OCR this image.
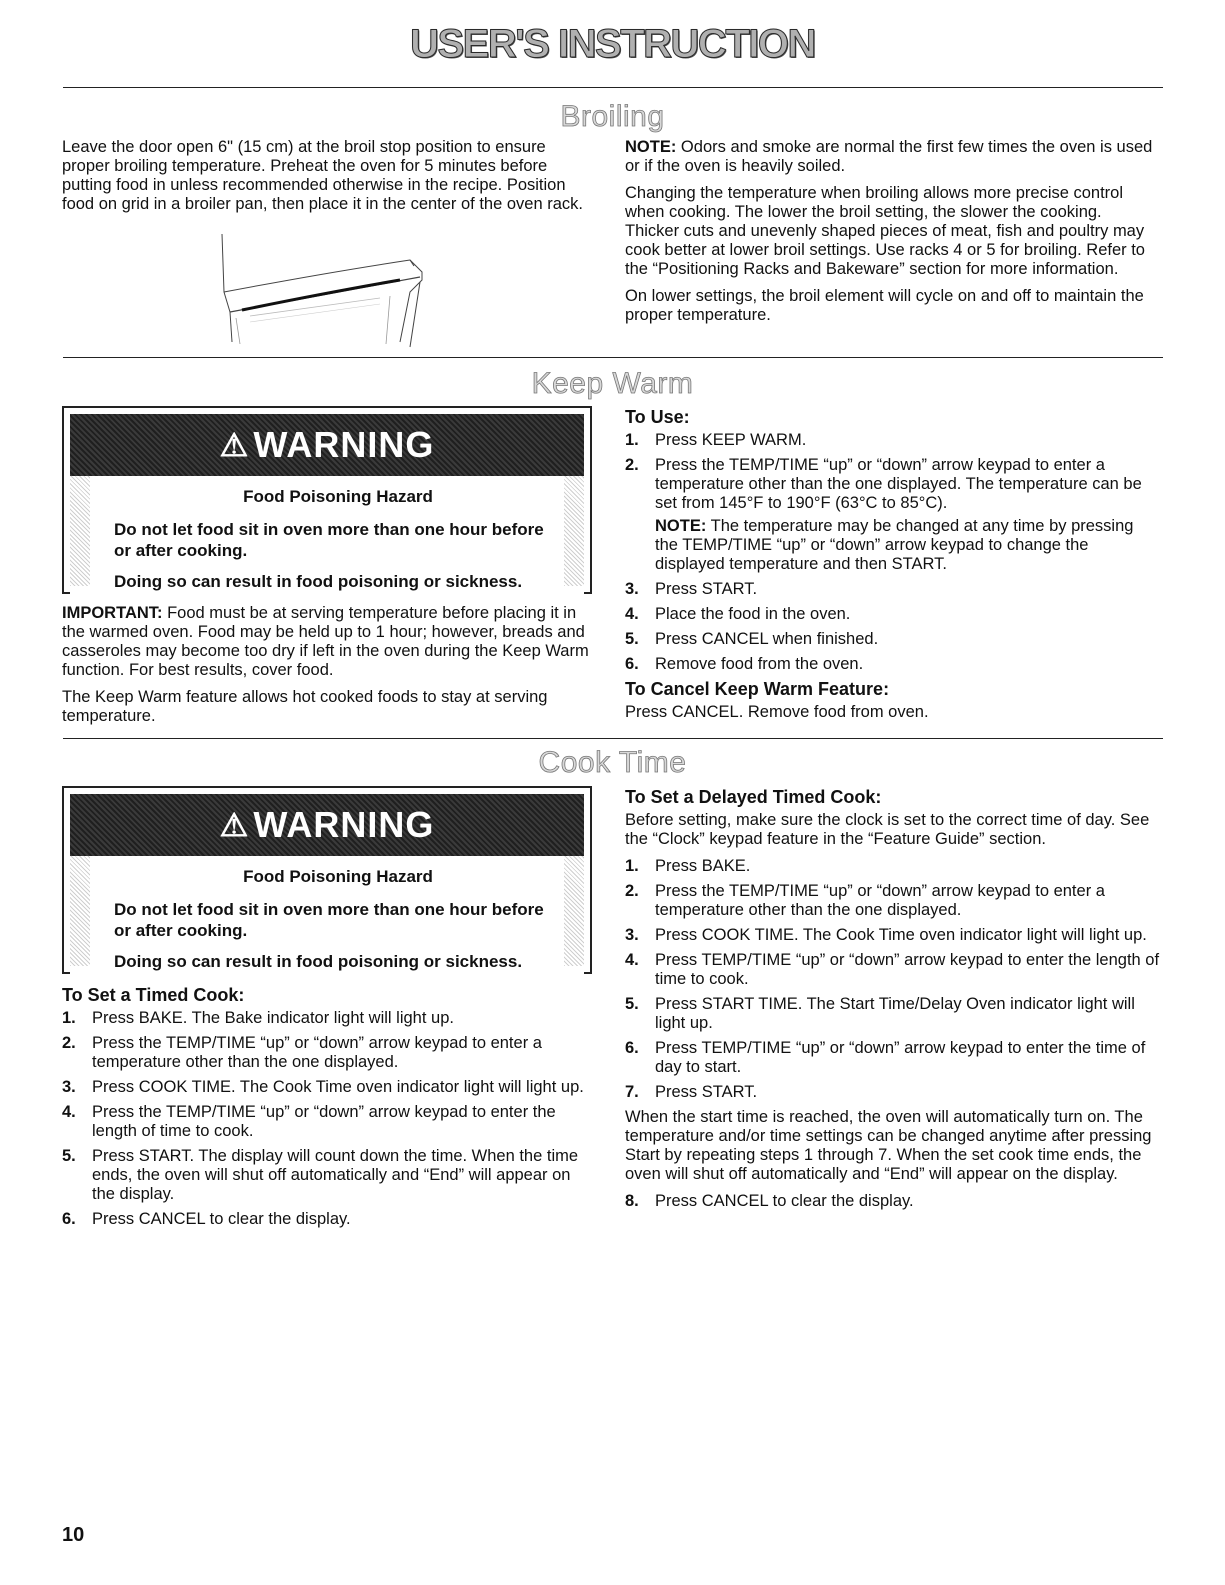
USER'S INSTRUCTION
Broiling

Leave the door open 6" (15 cm) at the broil stop position to ensure proper broiling temperature. Preheat the oven for 5 minutes before putting food in unless recommended otherwise in the recipe. Position food on grid in a broiler pan, then place it in the center of the oven rack.

NOTE: Odors and smoke are normal the first few times the oven is used or if the oven is heavily soiled.

Changing the temperature when broiling allows more precise control when cooking. The lower the broil setting, the slower the cooking. Thicker cuts and unevenly shaped pieces of meat, fish and poultry may cook better at lower broil settings. Use racks 4 or 5 for broiling. Refer to the “Positioning Racks and Bakeware” section for more information.

On lower settings, the broil element will cycle on and off to maintain the proper temperature.

Keep Warm
⚠ WARNING
Food Poisoning Hazard
Do not let food sit in oven more than one hour before or after cooking.
Doing so can result in food poisoning or sickness.

IMPORTANT: Food must be at serving temperature before placing it in the warmed oven. Food may be held up to 1 hour; however, breads and casseroles may become too dry if left in the oven during the Keep Warm function. For best results, cover food.

The Keep Warm feature allows hot cooked foods to stay at serving temperature.

To Use:
1. Press KEEP WARM.
2. Press the TEMP/TIME “up” or “down” arrow keypad to enter a temperature other than the one displayed. The temperature can be set from 145°F to 190°F (63°C to 85°C).
NOTE: The temperature may be changed at any time by pressing the TEMP/TIME “up” or “down” arrow keypad to change the displayed temperature and then START.
3. Press START.
4. Place the food in the oven.
5. Press CANCEL when finished.
6. Remove food from the oven.
To Cancel Keep Warm Feature:
Press CANCEL. Remove food from oven.
Cook Time
⚠ WARNING
Food Poisoning Hazard
Do not let food sit in oven more than one hour before or after cooking.
Doing so can result in food poisoning or sickness.
To Set a Timed Cook:
1. Press BAKE. The Bake indicator light will light up.
2. Press the TEMP/TIME “up” or “down” arrow keypad to enter a temperature other than the one displayed.
3. Press COOK TIME. The Cook Time oven indicator light will light up.
4. Press the TEMP/TIME “up” or “down” arrow keypad to enter the length of time to cook.
5. Press START. The display will count down the time. When the time ends, the oven will shut off automatically and “End” will appear on the display.
6. Press CANCEL to clear the display.
To Set a Delayed Timed Cook:

Before setting, make sure the clock is set to the correct time of day. See the “Clock” keypad feature in the “Feature Guide” section.

1. Press BAKE.
2. Press the TEMP/TIME “up” or “down” arrow keypad to enter a temperature other than the one displayed.
3. Press COOK TIME. The Cook Time oven indicator light will light up.
4. Press TEMP/TIME “up” or “down” arrow keypad to enter the length of time to cook.
5. Press START TIME. The Start Time/Delay Oven indicator light will light up.
6. Press TEMP/TIME “up” or “down” arrow keypad to enter the time of day to start.
7. Press START.

When the start time is reached, the oven will automatically turn on. The temperature and/or time settings can be changed anytime after pressing Start by repeating steps 1 through 7. When the set cook time ends, the oven will shut off automatically and “End” will appear on the display.

8. Press CANCEL to clear the display.
10
